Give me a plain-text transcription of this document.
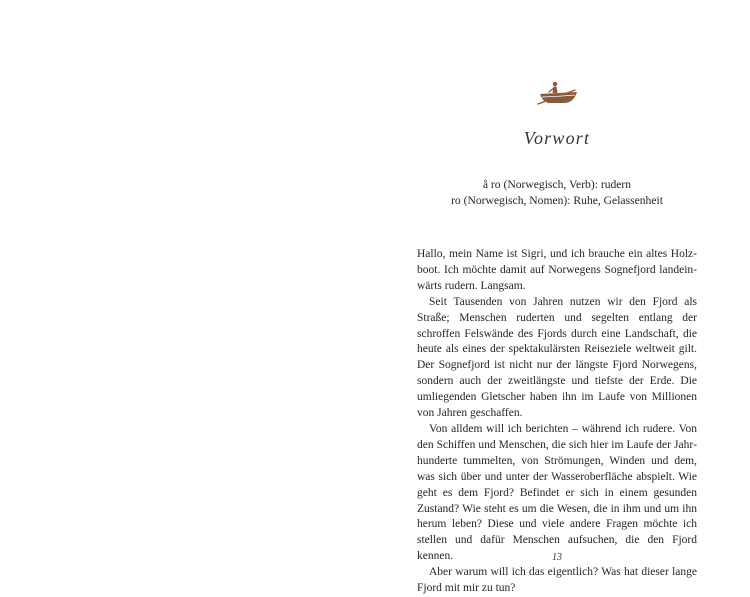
Vorwort
å ro (Norwegisch, Verb): rudern
ro (Norwegisch, Nomen): Ruhe, Gelassenheit

Hallo, mein Name ist Sigri, und ich brauche ein altes Holzboot. Ich möchte damit auf Norwegens Sognefjord landeinwärts rudern. Langsam.

Seit Tausenden von Jahren nutzen wir den Fjord als Straße; Menschen ruderten und segelten entlang der schroffen Felswände des Fjords durch eine Landschaft, die heute als eines der spektakulärsten Reiseziele weltweit gilt. Der Sognefjord ist nicht nur der längste Fjord Norwegens, sondern auch der zweitlängste und tiefste der Erde. Die umliegenden Gletscher haben ihn im Laufe von Millionen von Jahren geschaffen.

Von alldem will ich berichten – während ich rudere. Von den Schiffen und Menschen, die sich hier im Laufe der Jahrhunderte tummelten, von Strömungen, Winden und dem, was sich über und unter der Wasseroberfläche abspielt. Wie geht es dem Fjord? Befindet er sich in einem gesunden Zustand? Wie steht es um die Wesen, die in ihm und um ihn herum leben? Diese und viele andere Fragen möchte ich stellen und dafür Menschen aufsuchen, die den Fjord kennen.

Aber warum will ich das eigentlich? Was hat dieser lange Fjord mit mir zu tun?

13
